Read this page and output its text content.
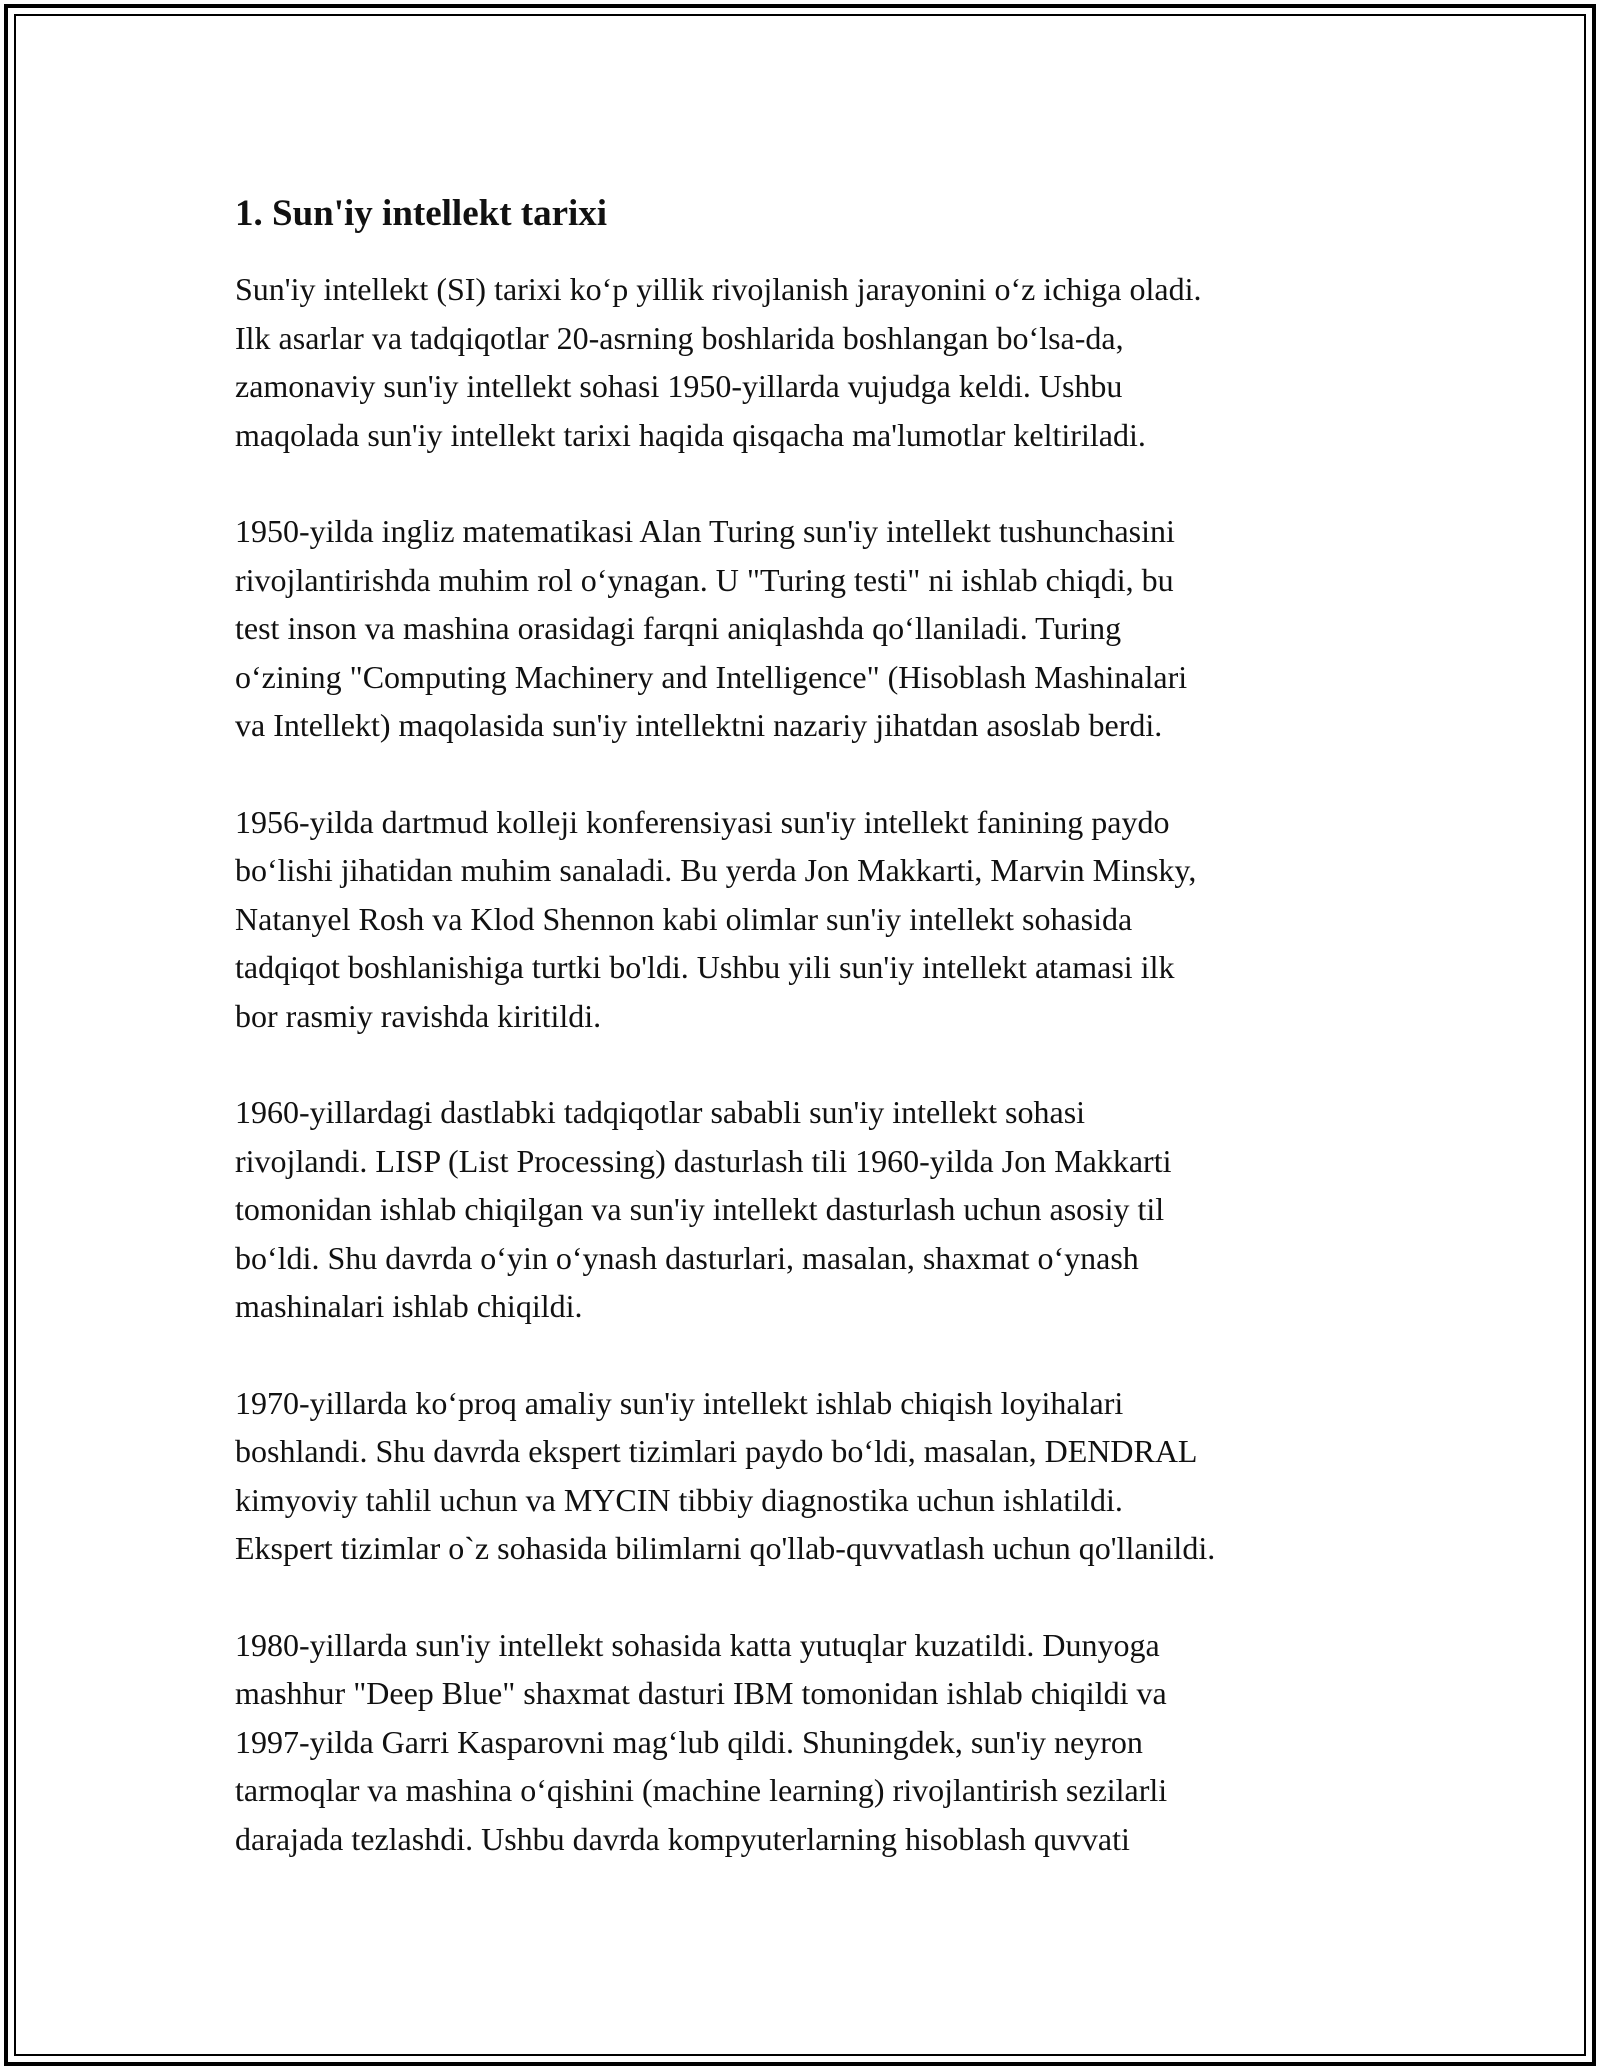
1. Sun'iy intellekt tarixi

Sun'iy intellekt (SI) tarixi koʻp yillik rivojlanish jarayonini oʻz ichiga oladi.
Ilk asarlar va tadqiqotlar 20-asrning boshlarida boshlangan boʻlsa-da,
zamonaviy sun'iy intellekt sohasi 1950-yillarda vujudga keldi. Ushbu
maqolada sun'iy intellekt tarixi haqida qisqacha ma'lumotlar keltiriladi.

1950-yilda ingliz matematikasi Alan Turing sun'iy intellekt tushunchasini
rivojlantirishda muhim rol oʻynagan. U "Turing testi" ni ishlab chiqdi, bu
test inson va mashina orasidagi farqni aniqlashda qoʻllaniladi. Turing
oʻzining "Computing Machinery and Intelligence" (Hisoblash Mashinalari
va Intellekt) maqolasida sun'iy intellektni nazariy jihatdan asoslab berdi.

1956-yilda dartmud kolleji konferensiyasi sun'iy intellekt fanining paydo
boʻlishi jihatidan muhim sanaladi. Bu yerda Jon Makkarti, Marvin Minsky,
Natanyel Rosh va Klod Shennon kabi olimlar sun'iy intellekt sohasida
tadqiqot boshlanishiga turtki bo'ldi. Ushbu yili sun'iy intellekt atamasi ilk
bor rasmiy ravishda kiritildi.

1960-yillardagi dastlabki tadqiqotlar sababli sun'iy intellekt sohasi
rivojlandi. LISP (List Processing) dasturlash tili 1960-yilda Jon Makkarti
tomonidan ishlab chiqilgan va sun'iy intellekt dasturlash uchun asosiy til
boʻldi. Shu davrda oʻyin oʻynash dasturlari, masalan, shaxmat oʻynash
mashinalari ishlab chiqildi.

1970-yillarda koʻproq amaliy sun'iy intellekt ishlab chiqish loyihalari
boshlandi. Shu davrda ekspert tizimlari paydo boʻldi, masalan, DENDRAL
kimyoviy tahlil uchun va MYCIN tibbiy diagnostika uchun ishlatildi.
Ekspert tizimlar o`z sohasida bilimlarni qo'llab-quvvatlash uchun qo'llanildi.

1980-yillarda sun'iy intellekt sohasida katta yutuqlar kuzatildi. Dunyoga
mashhur "Deep Blue" shaxmat dasturi IBM tomonidan ishlab chiqildi va
1997-yilda Garri Kasparovni magʻlub qildi. Shuningdek, sun'iy neyron
tarmoqlar va mashina oʻqishini (machine learning) rivojlantirish sezilarli
darajada tezlashdi. Ushbu davrda kompyuterlarning hisoblash quvvati
